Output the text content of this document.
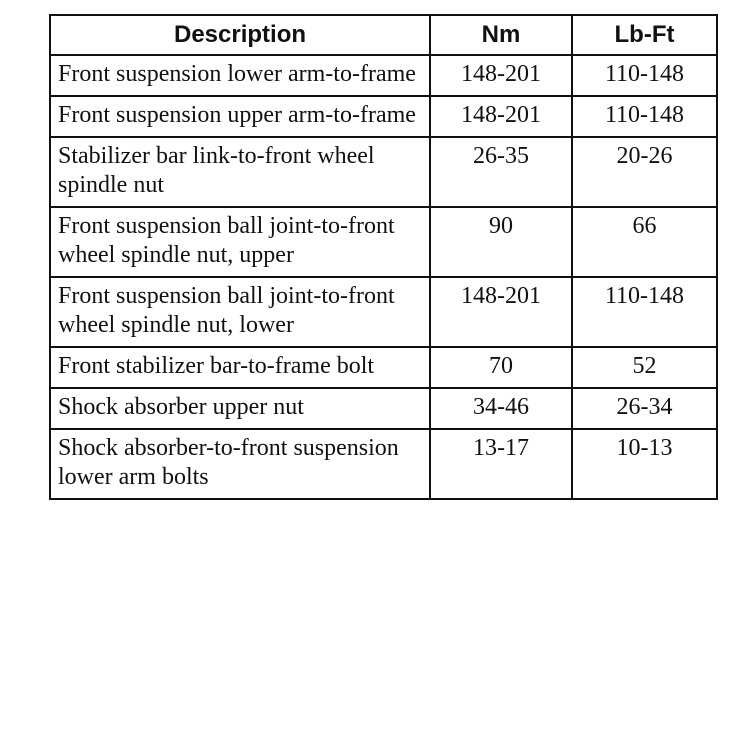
Description	Nm	Lb-Ft
Front suspension lower arm-to-frame	148-201	110-148
Front suspension upper arm-to-frame	148-201	110-148
Stabilizer bar link-to-front wheel spindle nut	26-35	20-26
Front suspension ball joint-to-front wheel spindle nut, upper	90	66
Front suspension ball joint-to-front wheel spindle nut, lower	148-201	110-148
Front stabilizer bar-to-frame bolt	70	52
Shock absorber upper nut	34-46	26-34
Shock absorber-to-front suspension lower arm bolts	13-17	10-13
